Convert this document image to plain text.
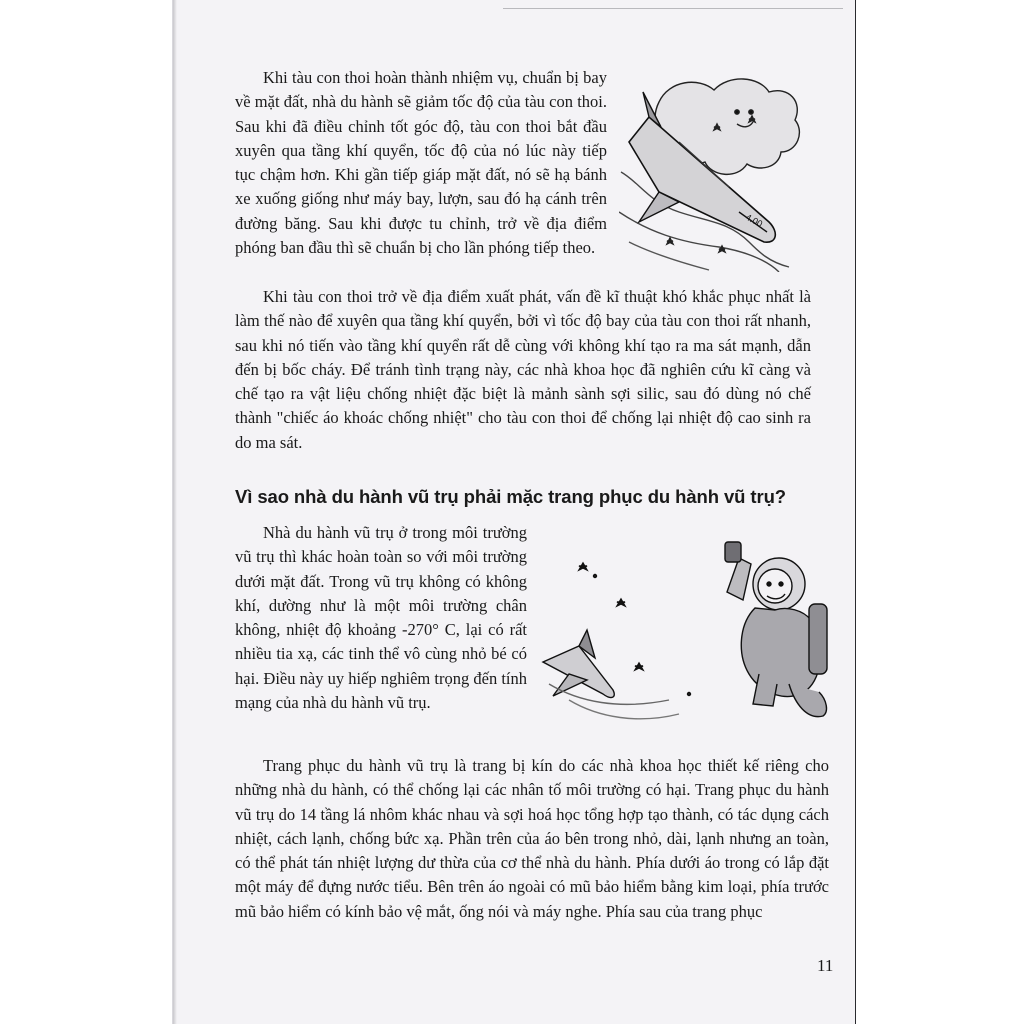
4.00

Khi tàu con thoi hoàn thành nhiệm vụ, chuẩn bị bay về mặt đất, nhà du hành sẽ giảm tốc độ của tàu con thoi. Sau khi đã điều chỉnh tốt góc độ, tàu con thoi bắt đầu xuyên qua tầng khí quyển, tốc độ của nó lúc này tiếp tục chậm hơn. Khi gần tiếp giáp mặt đất, nó sẽ hạ bánh xe xuống giống như máy bay, lượn, sau đó hạ cánh trên đường băng. Sau khi được tu chỉnh, trở về địa điểm phóng ban đầu thì sẽ chuẩn bị cho lần phóng tiếp theo.

Khi tàu con thoi trở về địa điểm xuất phát, vấn đề kĩ thuật khó khắc phục nhất là làm thế nào để xuyên qua tầng khí quyển, bởi vì tốc độ bay của tàu con thoi rất nhanh, sau khi nó tiến vào tầng khí quyển rất dễ cùng với không khí tạo ra ma sát mạnh, dẫn đến bị bốc cháy. Để tránh tình trạng này, các nhà khoa học đã nghiên cứu kĩ càng và chế tạo ra vật liệu chống nhiệt đặc biệt là mảnh sành sợi silic, sau đó dùng nó chế thành "chiếc áo khoác chống nhiệt" cho tàu con thoi để chống lại nhiệt độ cao sinh ra do ma sát.

Vì sao nhà du hành vũ trụ phải mặc trang phục du hành vũ trụ?

Nhà du hành vũ trụ ở trong môi trường vũ trụ thì khác hoàn toàn so với môi trường dưới mặt đất. Trong vũ trụ không có không khí, dường như là một môi trường chân không, nhiệt độ khoảng -270° C, lại có rất nhiều tia xạ, các tinh thể vô cùng nhỏ bé có hại. Điều này uy hiếp nghiêm trọng đến tính mạng của nhà du hành vũ trụ.

Trang phục du hành vũ trụ là trang bị kín do các nhà khoa học thiết kế riêng cho những nhà du hành, có thể chống lại các nhân tố môi trường có hại. Trang phục du hành vũ trụ do 14 tầng lá nhôm khác nhau và sợi hoá học tổng hợp tạo thành, có tác dụng cách nhiệt, cách lạnh, chống bức xạ. Phần trên của áo bên trong nhỏ, dài, lạnh nhưng an toàn, có thể phát tán nhiệt lượng dư thừa của cơ thể nhà du hành. Phía dưới áo trong có lắp đặt một máy để đựng nước tiểu. Bên trên áo ngoài có mũ bảo hiểm bằng kim loại, phía trước mũ bảo hiểm có kính bảo vệ mắt, ống nói và máy nghe. Phía sau của trang phục

11
